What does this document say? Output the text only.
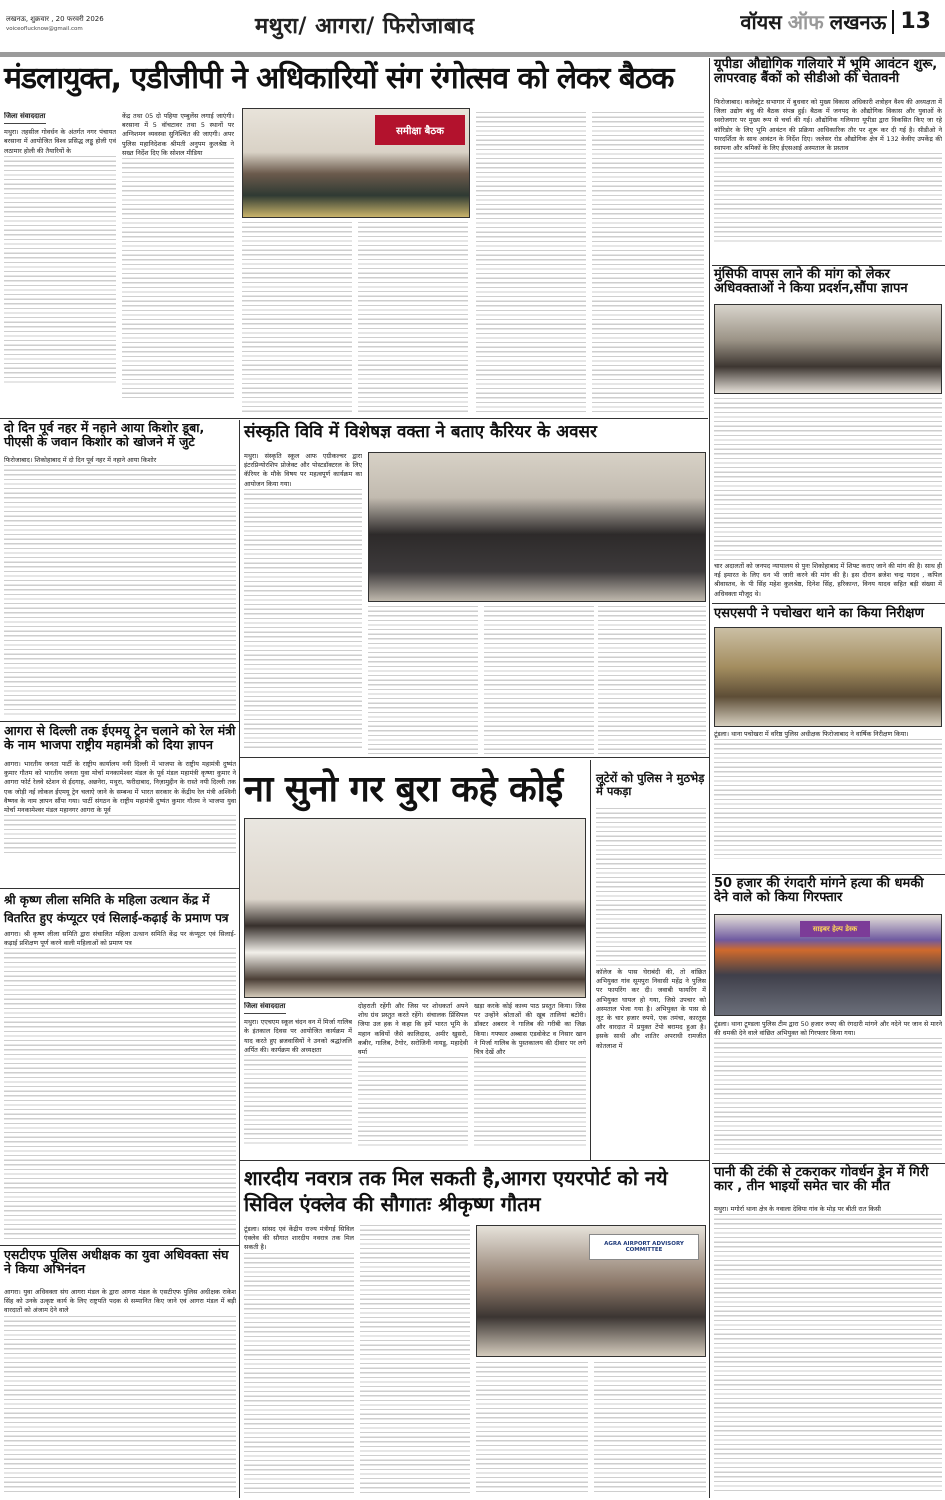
लखनऊ, शुक्रवार , 20 फरवरी 2026
voiceoflucknow@gmail.com	मथुरा/ आगरा/ फिरोजाबाद	वॉयस ऑफ लखनऊ 13
मंडलायुक्त, एडीजीपी ने अधिकारियों संग रंगोत्सव को लेकर बैठक
जिला संवाददाता
मथुरा। तहसील गोवर्धन के अंतर्गत नगर पंचायत बरसाना में आयोजित विश्व प्रसिद्ध लड्डू होली एवं लठामार होली की तैयारियों के
केंद्र तथा 05 दो पहिया एम्बुलेंस लगाई जाएंगी। बरसाना में 5 वॉचटावर तथा 5 स्थानों पर अग्निशमन व्यवस्था सुनिश्चित की जाएगी। अपर पुलिस महानिदेशक श्रीमती अनुपम कुलश्रेष्ठ ने सख्त निर्देश दिए कि सोशल मीडिया
समीक्षा बैठक
यूपीडा औद्योगिक गलियारे में भूमि आवंटन शुरू, लापरवाह बैंकों को सीडीओ की चेतावनी
फिरोजाबाद। कलेक्ट्रेट सभागार में बुधवार को मुख्य विकास अधिकारी शत्रोहन वैश्य की अध्यक्षता में जिला उद्योग बंधु की बैठक संपन्न हुई। बैठक में जनपद के औद्योगिक विकास और युवाओं के स्वरोजगार पर मुख्य रूप से चर्चा की गई। औद्योगिक गलियारा यूपीडा द्वारा विकसित किए जा रहे कॉरिडोर के लिए भूमि आवंटन की प्रक्रिया आधिकारिक तौर पर शुरू कर दी गई है। सीडीओ ने पारदर्शिता के साथ आवंटन के निर्देश दिए। जलेसर रोड औद्योगिक क्षेत्र में 132 केवीए उपकेंद्र की स्थापना और श्रमिकों के लिए ईएसआई अस्पताल के प्रस्ताव
मुंसिफी वापस लाने की मांग को लेकर अधिवक्ताओं ने किया प्रदर्शन,सौंपा ज्ञापन
चार अदालतों को जनपद न्यायालय से पुनः शिकोहाबाद में शिफ्ट कराए जाने की मांग की है। साथ ही नई इमारत के लिए धन भी जारी करने की मांग की है। इस दौरान ब्रजेश चन्द्र यादव , कपिल श्रीवास्तव, के पी सिंह महेश कुलश्रेष्ठ, दिनेश सिंह, हरिकान्त, विनय यादव सहित बड़ी संख्या में अधिवक्ता मौजूद थे।
एसएसपी ने पचोखरा थाने का किया निरीक्षण
टूंडला। थाना पचोखरा में वरिष्ठ पुलिस अधीक्षक फिरोजाबाद ने वार्षिक निरीक्षण किया।
50 हजार की रंगदारी मांगने हत्या की धमकी देने वाले को किया गिरफ्तार
साइबर हेल्प डेस्क
टूंडला। थाना टूण्डला पुलिस टीम द्वारा 50 हजार रुपए की रंगदारी मांगने और नदेने पर जान से मारने की धमकी देने वाले वांछित अभियुक्त को गिरफ्तार किया गया।
पानी की टंकी से टकराकर गोवर्धन ड्रेन में गिरी कार , तीन भाइयों समेत चार की मौत
मथुरा। मगोर्रा थाना क्षेत्र के नवाला देविया गांव के मोड़ पर बीती रात किसी
दो दिन पूर्व नहर में नहाने आया किशोर डूबा, पीएसी के जवान किशोर को खोजने में जुटे
फिरोजाबाद। शिकोहाबाद में दो दिन पूर्व नहर में नहाने आया किशोर
आगरा से दिल्ली तक ईएमयू ट्रेन चलाने को रेल मंत्री के नाम भाजपा राष्ट्रीय महामंत्री को दिया ज्ञापन
आगरा। भारतीय जनता पार्टी के राष्ट्रीय कार्यालय नयी दिल्ली में भाजपा के राष्ट्रीय महामंत्री दुष्यंत कुमार गौतम को भारतीय जनता युवा मोर्चा मनकामेश्वर मंडल के पूर्व मंडल महामंत्री कृष्णा कुमार ने आगरा फोर्ट रेलवे स्टेशन से ईदगाह, अछनेरा, मथुरा, फरीदाबाद, निज़ामुद्दीन के रास्ते नयी दिल्ली तक एक जोड़ी नई लोकल ईएमयू ट्रेन चलाऐ जाने के सम्बन्ध में भारत सरकार के केंद्रीय रेल मंत्री अश्विनी वैष्णव के नाम ज्ञापन सौंपा गया। पार्टी संगठन के राष्ट्रीय महामंत्री दुष्यंत कुमार गौतम ने भाजपा युवा मोर्चा मनकामेश्वर मंडल महानगर आगरा के पूर्व
श्री कृष्ण लीला समिति के महिला उत्थान केंद्र में वितरित हुए कंप्यूटर एवं सिलाई-कढ़ाई के प्रमाण पत्र
आगरा। श्री कृष्ण लीला समिति द्वारा संचालित महिला उत्थान समिति केंद्र पर कंप्यूटर एवं सिलाई-कढ़ाई प्रशिक्षण पूर्ण करने वाली महिलाओं को प्रमाण पत्र
एसटीएफ पुलिस अधीक्षक का युवा अधिवक्ता संघ ने किया अभिनंदन
आगरा। युवा अधिवक्ता संघ आगरा मंडल के द्वारा आगरा मंडल के एसटीएफ पुलिस अधीक्षक राकेश सिंह को उनके उत्कृष्ट कार्य के लिए राष्ट्रपति पदक से सम्मानित किए जाने एवं आगरा मंडल में बड़ी वारदातों को अंजाम देने वाले
संस्कृति विवि में विशेषज्ञ वक्ता ने बताए कैरियर के अवसर
मथुरा। संस्कृति स्कूल आफ एग्रीकल्चर द्वारा इंटरप्रिन्योरशिप प्रोजेक्ट और पोस्टडॉक्टरल के लिए कॅरियर के मौके विषय पर महत्वपूर्ण कार्यक्रम का आयोजन किया गया।
ना सुनो गर बुरा कहे कोई
जिला संवाददाता
मथुरा। एएचएम स्कूल चंदन वन में मिर्जा गालिब के इंतकाल दिवस पर आयोजित कार्यक्रम में याद करते हुए ब्रजवासियों ने उनको श्रद्धांजलि अर्पित की। कार्यक्रम की अध्यक्षता
दोहराती रहेंगी और जिस पर शोधकर्ता अपने शोध ग्रंथ प्रस्तुत करते रहेंगे। संचालक प्रिंसिपल जिया उल हक ने कहा कि हमें भारत भूमि के महान कवियों जैसे कालिदास, अमीर खुसरो, कबीर, गालिब, टैगोर, सरोजिनी नायडू, महादेवी वर्मा
खड़ा करके कोई काव्य पाठ प्रस्तुत किया। जिस पर उन्होंने श्रोताओं की खूब तालियां बटोरी। डॉक्टर अबरार ने गालिब की गरीबी का जिक्र किया। गफ्फार अब्बास एडवोकेट व निसार खान ने मिर्जा गालिब के पुस्तकालय की दीवार पर लगे चित्र देखें और
लूटेरों को पुलिस ने मुठभेड़ में पकड़ा
कॉलेज के पास घेराबंदी की, तो वांछित अभियुक्त गांव सूमपुरा निवासी महेंद्र ने पुलिस पर फायरिंग कर दी। जवाबी फायरिंग में अभियुक्त घायल हो गया, जिसे उपचार को अस्पताल भेजा गया है। अभियुक्त के पास से लूट के चार हजार रुपये, एक तमंचा, कारतूस और वारदात में प्रयुक्त टेंपो बरामद हुआ है। इसके साथी और शातिर अपराधी रामजीत कोतलाश में
शारदीय नवरात्र तक मिल सकती है,आगरा एयरपोर्ट को नये सिविल एंक्लेव की सौगातः श्रीकृष्ण गौतम
टूंडला। सांसद एवं केंद्रीय राज्य मंत्रीगई सिविल एंक्लेव की सौगात शारदीय नवरात्र तक मिल सकती है।	AGRA AIRPORT ADVISORY COMMITTEE
